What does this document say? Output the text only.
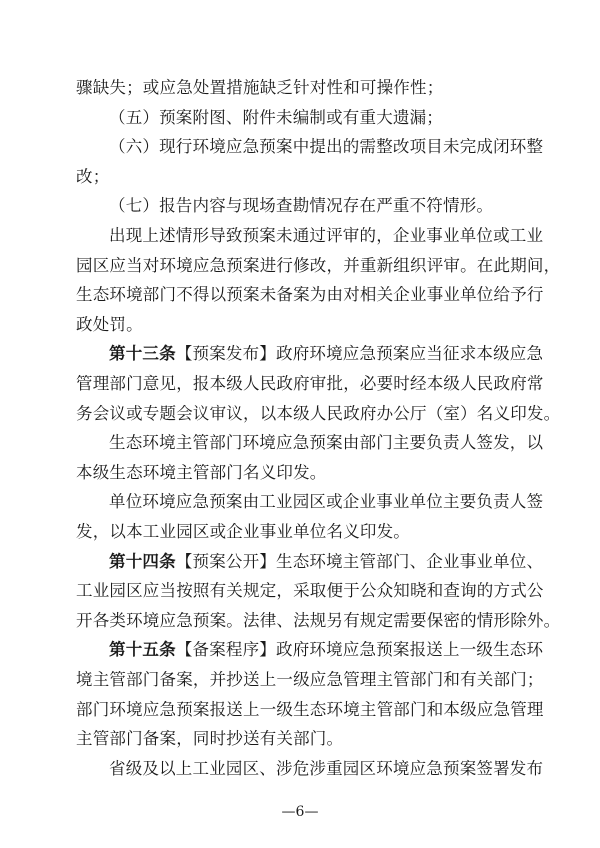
骤缺失；或应急处置措施缺乏针对性和可操作性；
（五）预案附图、附件未编制或有重大遗漏；
（六）现行环境应急预案中提出的需整改项目未完成闭环整
改；
（七）报告内容与现场查勘情况存在严重不符情形。
出现上述情形导致预案未通过评审的，企业事业单位或工业
园区应当对环境应急预案进行修改，并重新组织评审。在此期间，
生态环境部门不得以预案未备案为由对相关企业事业单位给予行
政处罚。
第十三条【预案发布】政府环境应急预案应当征求本级应急
管理部门意见，报本级人民政府审批，必要时经本级人民政府常
务会议或专题会议审议，以本级人民政府办公厅（室）名义印发。
生态环境主管部门环境应急预案由部门主要负责人签发，以
本级生态环境主管部门名义印发。
单位环境应急预案由工业园区或企业事业单位主要负责人签
发，以本工业园区或企业事业单位名义印发。
第十四条【预案公开】生态环境主管部门、企业事业单位、
工业园区应当按照有关规定，采取便于公众知晓和查询的方式公
开各类环境应急预案。法律、法规另有规定需要保密的情形除外。
第十五条【备案程序】政府环境应急预案报送上一级生态环
境主管部门备案，并抄送上一级应急管理主管部门和有关部门；
部门环境应急预案报送上一级生态环境主管部门和本级应急管理
主管部门备案，同时抄送有关部门。
省级及以上工业园区、涉危涉重园区环境应急预案签署发布
—6—
